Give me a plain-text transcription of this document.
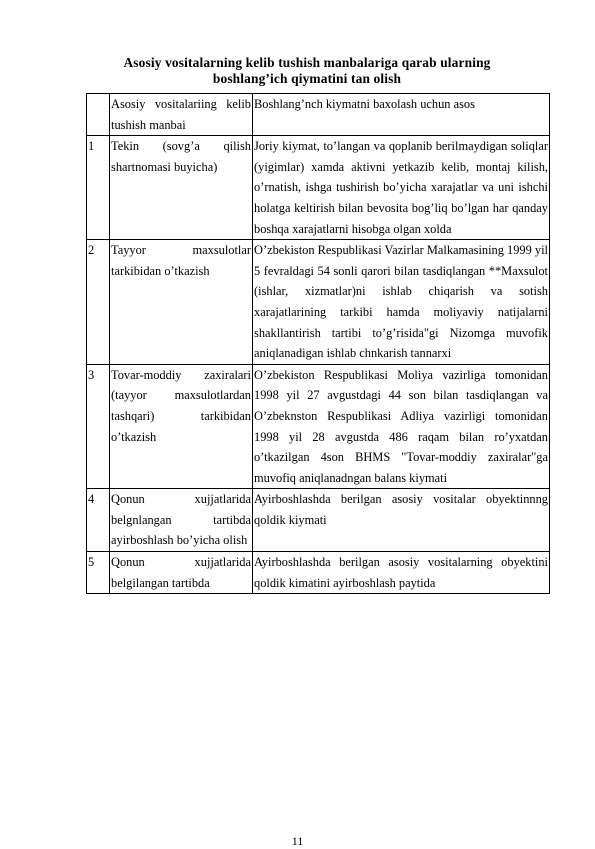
Asosiy vositalarning kelib tushish manbalariga qarab ularning boshlang’ich qiymatini tan olish
	Asosiy vositalariing kelib tushish manbai	Boshlang’nch kiymatni baxolash uchun asos
1	Tekin (sovg’a qilish shartnomasi buyicha)	Joriy kiymat, to’langan va qoplanib berilmaydigan soliqlar (yigimlar) xamda aktivni yetkazib kelib, montaj kilish, o’rnatish, ishga tushirish bo’yicha xarajatlar va uni ishchi holatga keltirish bilan bevosita bog’liq bo’lgan har qanday boshqa xarajatlarni hisobga olgan xolda
2	Tayyor maxsulotlar tarkibidan o’tkazish	O’zbekiston Respublikasi Vazirlar Malkamasining 1999 yil 5 fevraldagi 54 sonli qarori bilan tasdiqlangan **Maxsulot (ishlar, xizmatlar)ni ishlab chiqarish va sotish xarajatlarining tarkibi hamda moliyaviy natijalarni shakllantirish tartibi to’g’risida"gi Nizomga muvofik aniqlanadigan ishlab chnkarish tannarxi
3	Tovar-moddiy zaxiralari (tayyor maxsulotlardan tashqari) tarkibidan o’tkazish	O’zbekiston Respublikasi Moliya vazirliga tomonidan 1998 yil 27 avgustdagi 44 son bilan tasdiqlangan va O’zbeknston Respublikasi Adliya vazirligi tomonidan 1998 yil 28 avgustda 486 raqam bilan ro’yxatdan o’tkazilgan 4son BHMS "Tovar-moddiy zaxiralar"ga muvofiq aniqlanadngan balans kiymati
4	Qonun xujjatlarida belgnlangan tartibda ayirboshlash bo’yicha olish	Ayirboshlashda berilgan asosiy vositalar obyektinnng qoldik kiymati
5	Qonun xujjatlarida belgilangan tartibda	Ayirboshlashda berilgan asosiy vositalarning obyektini qoldik kimatini ayirboshlash paytida
11
